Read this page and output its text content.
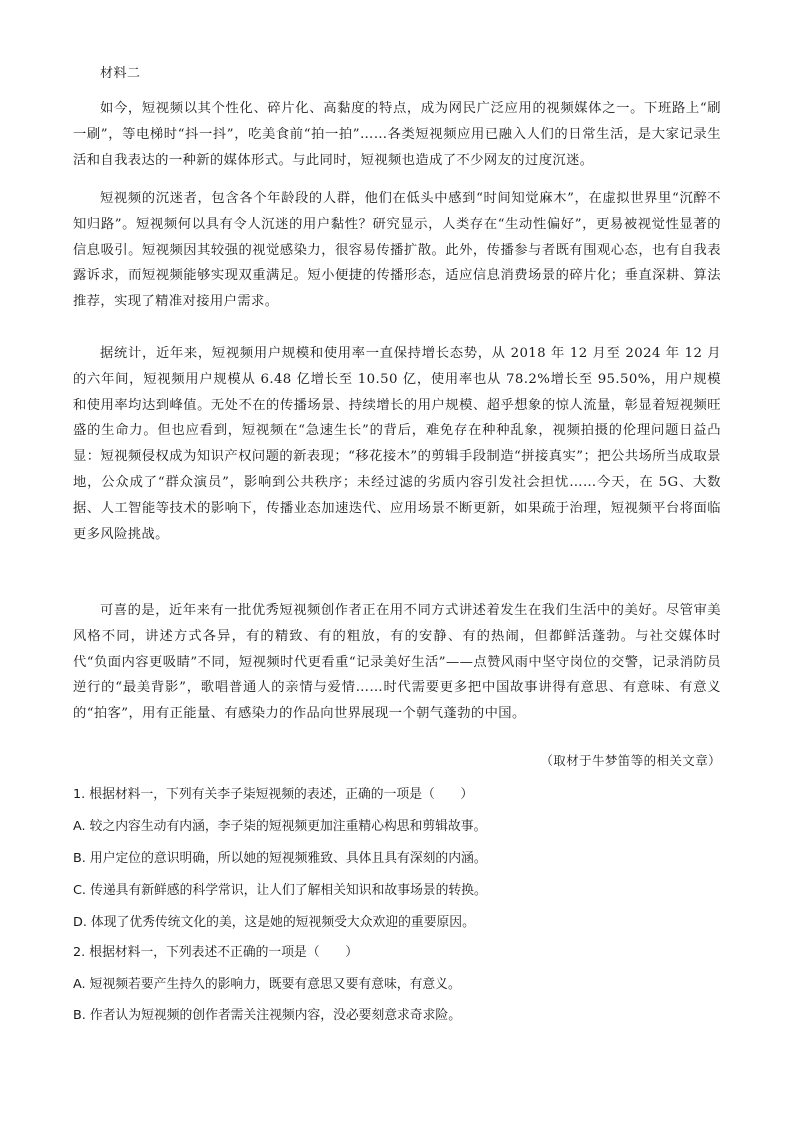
材料二

如今，短视频以其个性化、碎片化、高黏度的特点，成为网民广泛应用的视频媒体之一。下班路上“刷一刷”，等电梯时“抖一抖”，吃美食前“拍一拍”……各类短视频应用已融入人们的日常生活，是大家记录生活和自我表达的一种新的媒体形式。与此同时，短视频也造成了不少网友的过度沉迷。

短视频的沉迷者，包含各个年龄段的人群，他们在低头中感到“时间知觉麻木”，在虚拟世界里“沉醉不知归路”。短视频何以具有令人沉迷的用户黏性？研究显示，人类存在“生动性偏好”，更易被视觉性显著的信息吸引。短视频因其较强的视觉感染力，很容易传播扩散。此外，传播参与者既有围观心态，也有自我表露诉求，而短视频能够实现双重满足。短小便捷的传播形态，适应信息消费场景的碎片化；垂直深耕、算法推荐，实现了精准对接用户需求。

据统计，近年来，短视频用户规模和使用率一直保持增长态势，从 2018 年 12 月至 2024 年 12 月的六年间，短视频用户规模从 6.48 亿增长至 10.50 亿，使用率也从 78.2%增长至 95.50%，用户规模和使用率均达到峰值。无处不在的传播场景、持续增长的用户规模、超乎想象的惊人流量，彰显着短视频旺盛的生命力。但也应看到，短视频在“急速生长”的背后，难免存在种种乱象，视频拍摄的伦理问题日益凸显：短视频侵权成为知识产权问题的新表现；“移花接木”的剪辑手段制造“拼接真实”；把公共场所当成取景地，公众成了“群众演员”，影响到公共秩序；未经过滤的劣质内容引发社会担忧……今天，在 5G、大数据、人工智能等技术的影响下，传播业态加速迭代、应用场景不断更新，如果疏于治理，短视频平台将面临更多风险挑战。

可喜的是，近年来有一批优秀短视频创作者正在用不同方式讲述着发生在我们生活中的美好。尽管审美风格不同，讲述方式各异，有的精致、有的粗放，有的安静、有的热闹，但都鲜活蓬勃。与社交媒体时代“负面内容更吸睛”不同，短视频时代更看重“记录美好生活”——点赞风雨中坚守岗位的交警，记录消防员逆行的“最美背影”，歌唱普通人的亲情与爱情……时代需要更多把中国故事讲得有意思、有意味、有意义的“拍客”，用有正能量、有感染力的作品向世界展现一个朝气蓬勃的中国。

（取材于牛梦笛等的相关文章）
1. 根据材料一，下列有关李子柒短视频的表述，正确的一项是（　　）
A. 较之内容生动有内涵，李子柒的短视频更加注重精心构思和剪辑故事。
B. 用户定位的意识明确，所以她的短视频雅致、具体且具有深刻的内涵。
C. 传递具有新鲜感的科学常识，让人们了解相关知识和故事场景的转换。
D. 体现了优秀传统文化的美，这是她的短视频受大众欢迎的重要原因。
2. 根据材料一，下列表述不正确的一项是（　　）
A. 短视频若要产生持久的影响力，既要有意思又要有意味，有意义。
B. 作者认为短视频的创作者需关注视频内容，没必要刻意求奇求险。
